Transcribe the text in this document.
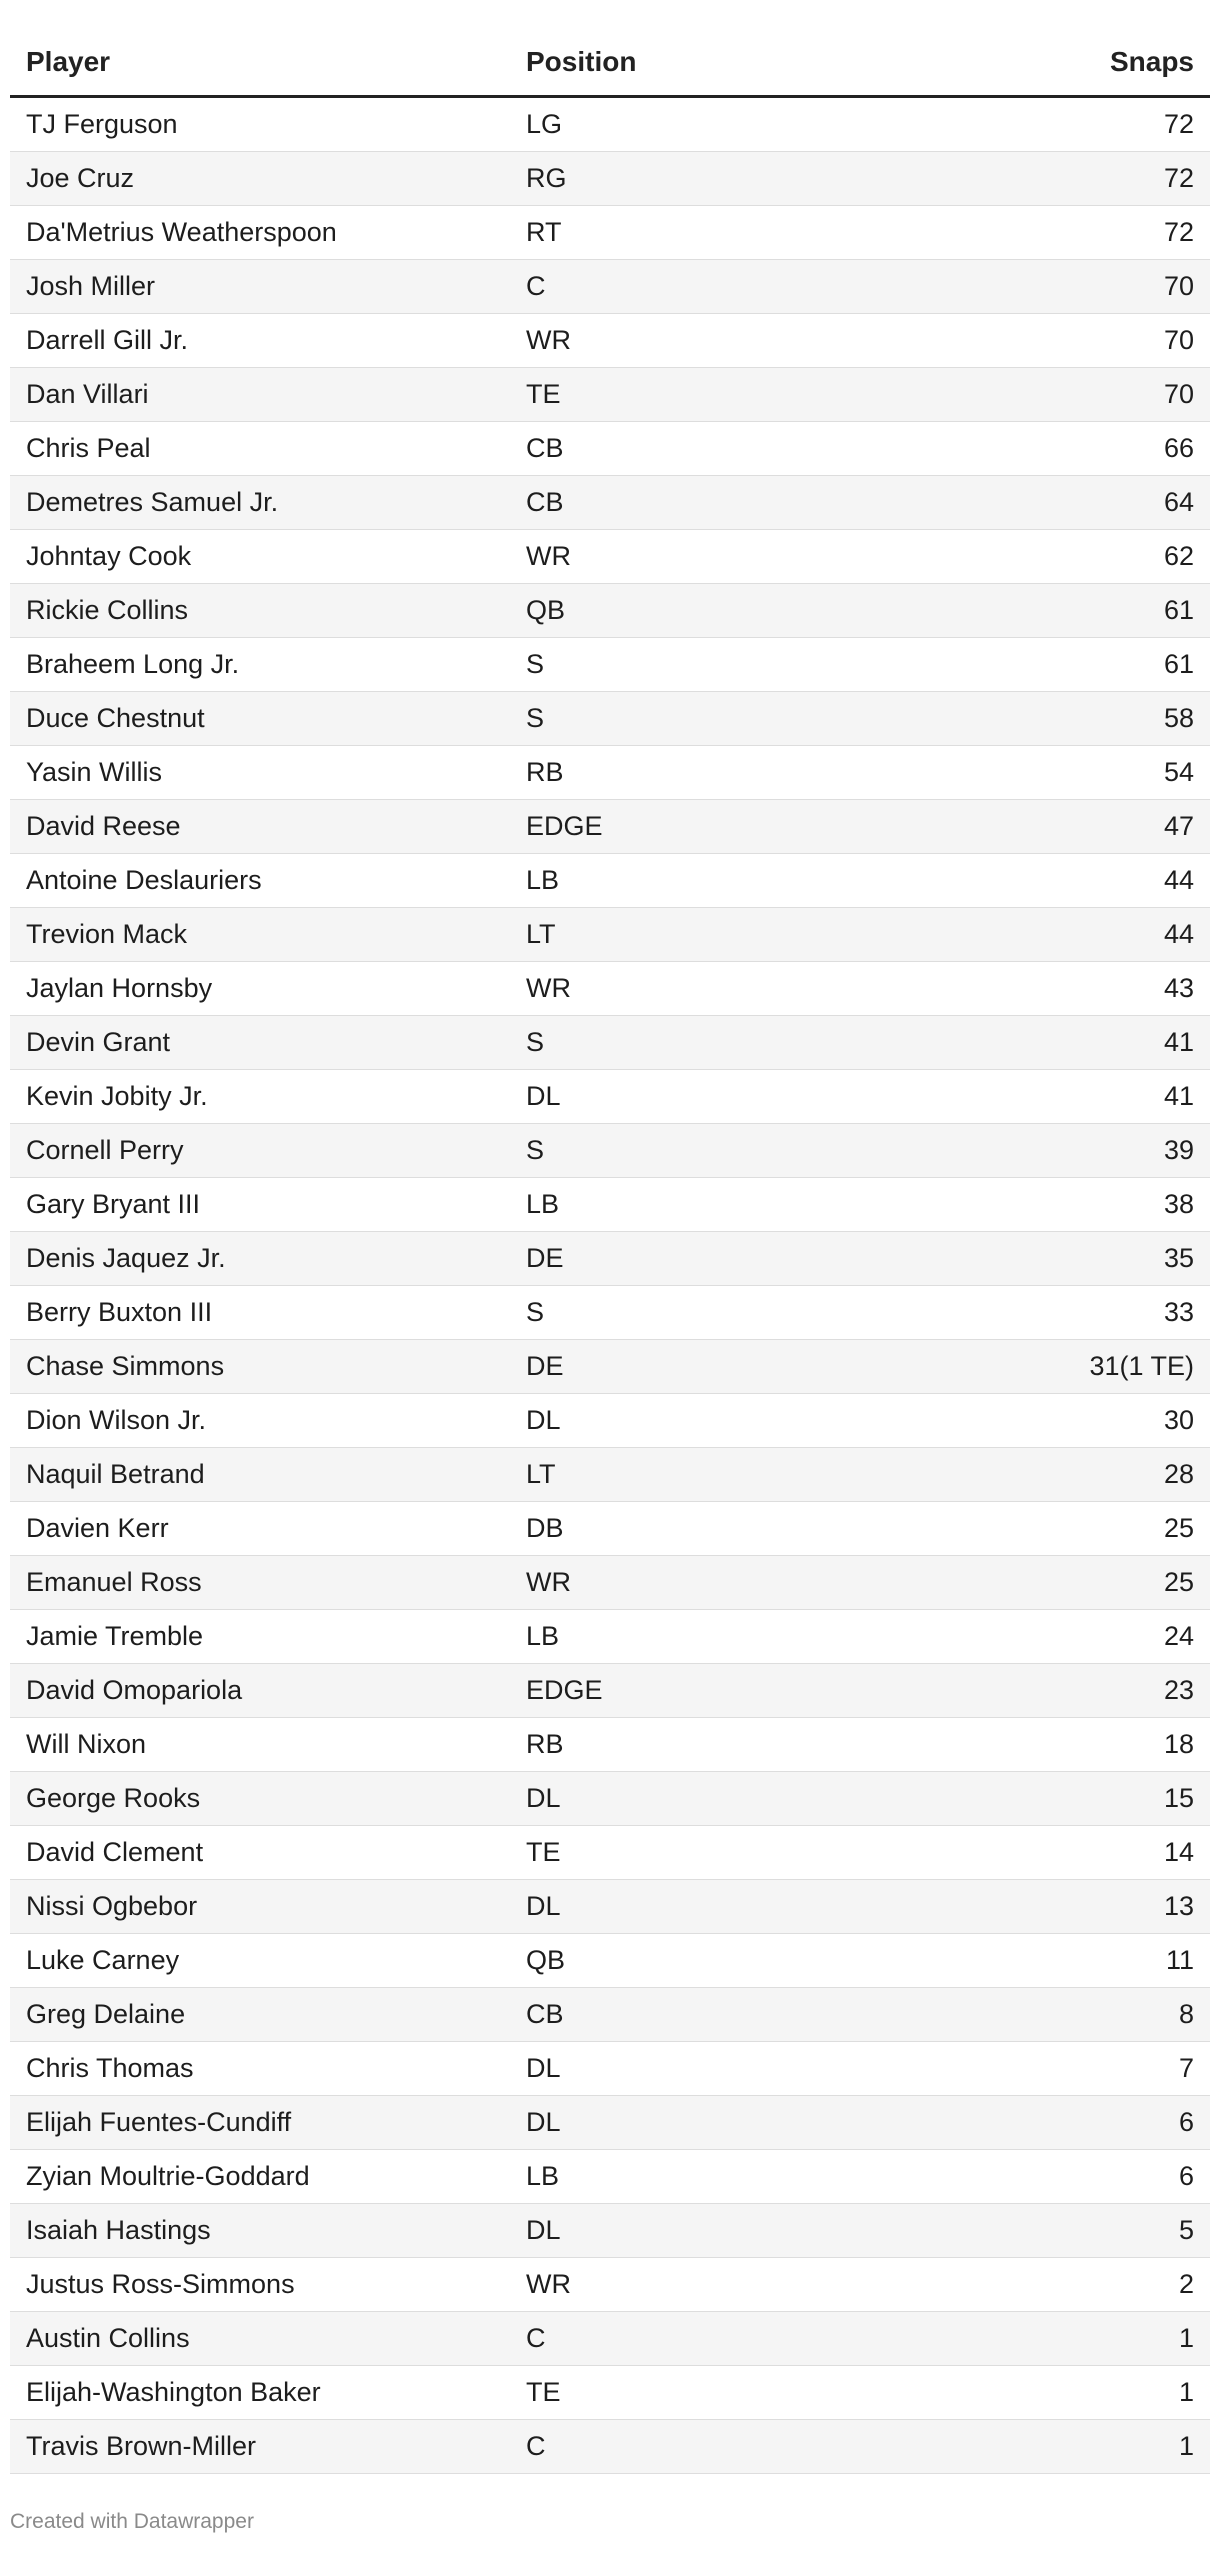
Player	Position	Snaps
TJ Ferguson	LG	72
Joe Cruz	RG	72
Da'Metrius Weatherspoon	RT	72
Josh Miller	C	70
Darrell Gill Jr.	WR	70
Dan Villari	TE	70
Chris Peal	CB	66
Demetres Samuel Jr.	CB	64
Johntay Cook	WR	62
Rickie Collins	QB	61
Braheem Long Jr.	S	61
Duce Chestnut	S	58
Yasin Willis	RB	54
David Reese	EDGE	47
Antoine Deslauriers	LB	44
Trevion Mack	LT	44
Jaylan Hornsby	WR	43
Devin Grant	S	41
Kevin Jobity Jr.	DL	41
Cornell Perry	S	39
Gary Bryant III	LB	38
Denis Jaquez Jr.	DE	35
Berry Buxton III	S	33
Chase Simmons	DE	31(1 TE)
Dion Wilson Jr.	DL	30
Naquil Betrand	LT	28
Davien Kerr	DB	25
Emanuel Ross	WR	25
Jamie Tremble	LB	24
David Omopariola	EDGE	23
Will Nixon	RB	18
George Rooks	DL	15
David Clement	TE	14
Nissi Ogbebor	DL	13
Luke Carney	QB	11
Greg Delaine	CB	8
Chris Thomas	DL	7
Elijah Fuentes-Cundiff	DL	6
Zyian Moultrie-Goddard	LB	6
Isaiah Hastings	DL	5
Justus Ross-Simmons	WR	2
Austin Collins	C	1
Elijah-Washington Baker	TE	1
Travis Brown-Miller	C	1
Created with Datawrapper
